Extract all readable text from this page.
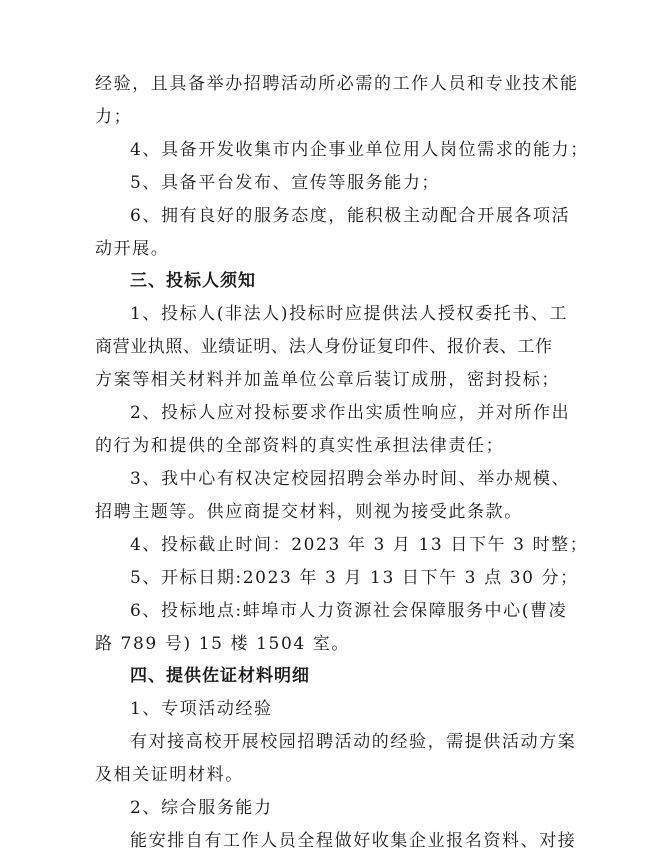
经验，且具备举办招聘活动所必需的工作人员和专业技术能
力；
4、具备开发收集市内企事业单位用人岗位需求的能力；
5、具备平台发布、宣传等服务能力；
6、拥有良好的服务态度，能积极主动配合开展各项活
动开展。
三、投标人须知
1、投标人(非法人)投标时应提供法人授权委托书、工
商营业执照、业绩证明、法人身份证复印件、报价表、工作
方案等相关材料并加盖单位公章后装订成册，密封投标；
2、投标人应对投标要求作出实质性响应，并对所作出
的行为和提供的全部资料的真实性承担法律责任；
3、我中心有权决定校园招聘会举办时间、举办规模、
招聘主题等。供应商提交材料，则视为接受此条款。
4、投标截止时间：2023 年 3 月 13 日下午 3 时整；
5、开标日期:2023 年 3 月 13 日下午 3 点 30 分；
6、投标地点:蚌埠市人力资源社会保障服务中心(曹凌
路 789 号) 15 楼 1504 室。
四、提供佐证材料明细
1、专项活动经验
有对接高校开展校园招聘活动的经验，需提供活动方案
及相关证明材料。
2、综合服务能力
能安排自有工作人员全程做好收集企业报名资料、对接
